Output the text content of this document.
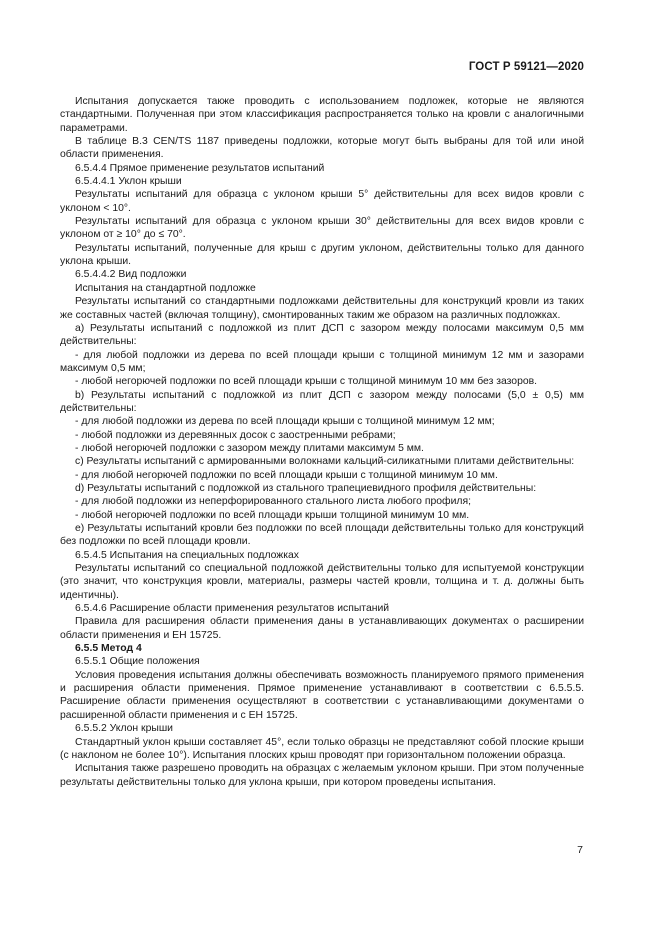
ГОСТ Р 59121—2020

Испытания допускается также проводить с использованием подложек, которые не являются стандартными. Полученная при этом классификация распространяется только на кровли с аналогичными параметрами.

В таблице B.3 CEN/TS 1187 приведены подложки, которые могут быть выбраны для той или иной области применения.

6.5.4.4 Прямое применение результатов испытаний

6.5.4.4.1 Уклон крыши

Результаты испытаний для образца с уклоном крыши 5° действительны для всех видов кровли с уклоном < 10°.

Результаты испытаний для образца с уклоном крыши 30° действительны для всех видов кровли с уклоном от ≥ 10° до ≤ 70°.

Результаты испытаний, полученные для крыш с другим уклоном, действительны только для данного уклона крыши.

6.5.4.4.2 Вид подложки

Испытания на стандартной подложке

Результаты испытаний со стандартными подложками действительны для конструкций кровли из таких же составных частей (включая толщину), смонтированных таким же образом на различных подложках.

a) Результаты испытаний с подложкой из плит ДСП с зазором между полосами максимум 0,5 мм действительны:

- для любой подложки из дерева по всей площади крыши с толщиной минимум 12 мм и зазорами максимум 0,5 мм;

- любой негорючей подложки по всей площади крыши с толщиной минимум 10 мм без зазоров.

b) Результаты испытаний с подложкой из плит ДСП с зазором между полосами (5,0 ± 0,5) мм действительны:

- для любой подложки из дерева по всей площади крыши с толщиной минимум 12 мм;

- любой подложки из деревянных досок с заостренными ребрами;

- любой негорючей подложки с зазором между плитами максимум 5 мм.

c) Результаты испытаний с армированными волокнами кальций-силикатными плитами действительны:

- для любой негорючей подложки по всей площади крыши с толщиной минимум 10 мм.

d) Результаты испытаний с подложкой из стального трапециевидного профиля действительны:

- для любой подложки из неперфорированного стального листа любого профиля;

- любой негорючей подложки по всей площади крыши толщиной минимум 10 мм.

e) Результаты испытаний кровли без подложки по всей площади действительны только для конструкций без подложки по всей площади кровли.

6.5.4.5 Испытания на специальных подложках

Результаты испытаний со специальной подложкой действительны только для испытуемой конструкции (это значит, что конструкция кровли, материалы, размеры частей кровли, толщина и т. д. должны быть идентичны).

6.5.4.6 Расширение области применения результатов испытаний

Правила для расширения области применения даны в устанавливающих документах о расширении области применения и ЕН 15725.

6.5.5 Метод 4

6.5.5.1 Общие положения

Условия проведения испытания должны обеспечивать возможность планируемого прямого применения и расширения области применения. Прямое применение устанавливают в соответствии с 6.5.5.5. Расширение области применения осуществляют в соответствии с устанавливающими документами о расширенной области применения и с ЕН 15725.

6.5.5.2 Уклон крыши

Стандартный уклон крыши составляет 45°, если только образцы не представляют собой плоские крыши (с наклоном не более 10°). Испытания плоских крыш проводят при горизонтальном положении образца.

Испытания также разрешено проводить на образцах с желаемым уклоном крыши. При этом полученные результаты действительны только для уклона крыши, при котором проведены испытания.

7
